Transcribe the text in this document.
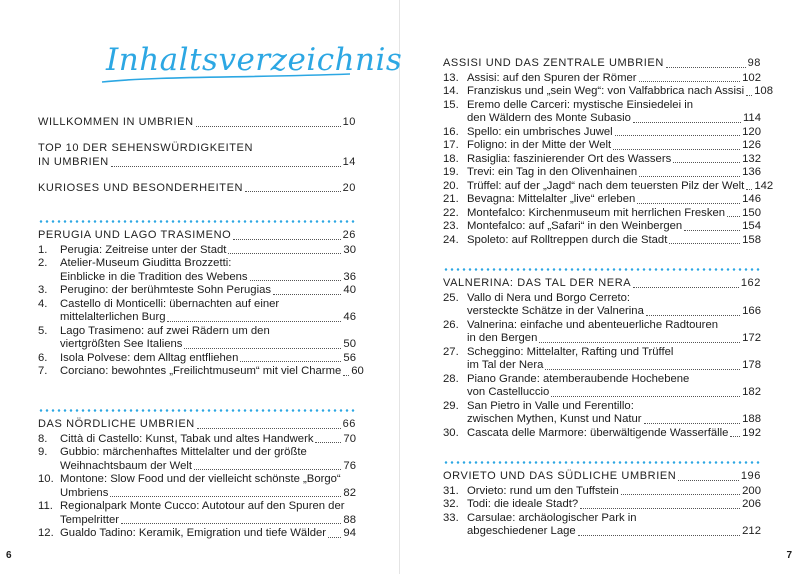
Inhaltsverzeichnis
WILLKOMMEN IN UMBRIEN	10
TOP 10 DER SEHENSWÜRDIGKEITEN
IN UMBRIEN	14
KURIOSES UND BESONDERHEITEN	20
PERUGIA UND LAGO TRASIMENO	26
1.	Perugia: Zeitreise unter der Stadt	30
2.	Atelier-Museum Giuditta Brozzetti:
Einblicke in die Tradition des Webens	36
3.	Perugino: der berühmteste Sohn Perugias	40
4.	Castello di Monticelli: übernachten auf einer
mittelalterlichen Burg	46
5.	Lago Trasimeno: auf zwei Rädern um den
viertgrößten See Italiens	50
6.	Isola Polvese: dem Alltag entfliehen	56
7.	Corciano: bewohntes „Freilichtmuseum“ mit viel Charme 60
DAS NÖRDLICHE UMBRIEN	66
8.	Città di Castello: Kunst, Tabak und altes Handwerk	70
9.	Gubbio: märchenhaftes Mittelalter und der größte
Weihnachtsbaum der Welt	76
10. Montone: Slow Food und der vielleicht schönste „Borgo“
Umbriens	82
11. Regionalpark Monte Cucco: Autotour auf den Spuren der
Tempelritter	88
12. Gualdo Tadino: Keramik, Emigration und tiefe Wälder 94
6
ASSISI UND DAS ZENTRALE UMBRIEN	98
13. Assisi: auf den Spuren der Römer	102
14. Franziskus und „sein Weg“: von Valfabbrica nach Assisi 108
15. Eremo delle Carceri: mystische Einsiedelei in
den Wäldern des Monte Subasio	114
16. Spello: ein umbrisches Juwel	120
17. Foligno: in der Mitte der Welt	126
18. Rasiglia: faszinierender Ort des Wassers	132
19. Trevi: ein Tag in den Olivenhainen	136
20. Trüffel: auf der „Jagd“ nach dem teuersten Pilz der Welt 142
21. Bevagna: Mittelalter „live“ erleben	146
22. Montefalco: Kirchenmuseum mit herrlichen Fresken 150
23. Montefalco: auf „Safari“ in den Weinbergen	154
24. Spoleto: auf Rolltreppen durch die Stadt	158
VALNERINA: DAS TAL DER NERA	162
25. Vallo di Nera und Borgo Cerreto:
versteckte Schätze in der Valnerina	166
26. Valnerina: einfache und abenteuerliche Radtouren
in den Bergen	172
27. Scheggino: Mittelalter, Rafting und Trüffel
im Tal der Nera	178
28. Piano Grande: atemberaubende Hochebene
von Castelluccio	182
29. San Pietro in Valle und Ferentillo:
zwischen Mythen, Kunst und Natur	188
30. Cascata delle Marmore: überwältigende Wasserfälle 192
ORVIETO UND DAS SÜDLICHE UMBRIEN	196
31. Orvieto: rund um den Tuffstein	200
32. Todi: die ideale Stadt?	206
33. Carsulae: archäologischer Park in
abgeschiedener Lage	212
7
